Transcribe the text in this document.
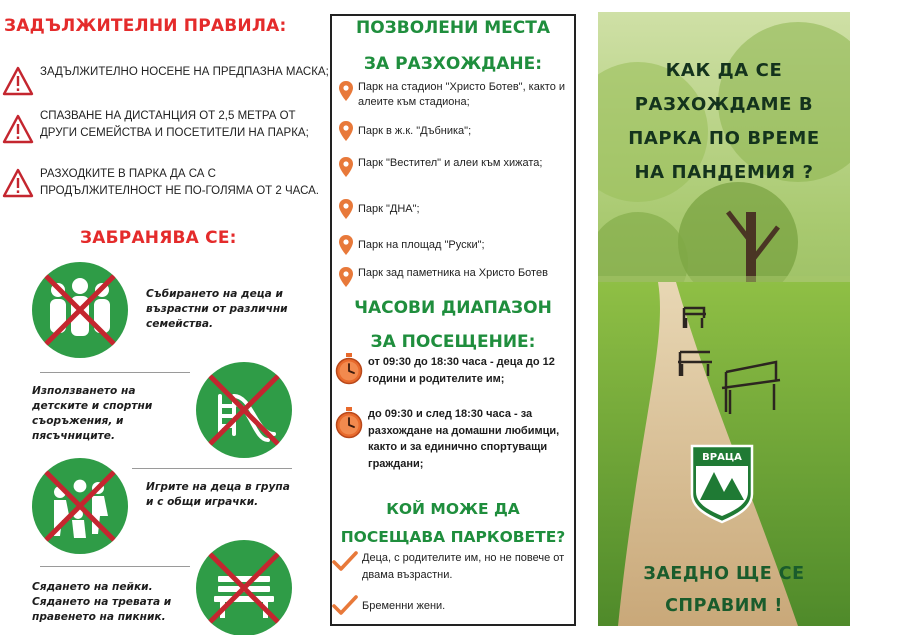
ЗАДЪЛЖИТЕЛНИ ПРАВИЛА:
ЗАДЪЛЖИТЕЛНО НОСЕНЕ НА ПРЕДПАЗНА МАСКА;
СПАЗВАНЕ НА ДИСТАНЦИЯ ОТ 2,5 МЕТРА ОТ ДРУГИ СЕМЕЙСТВА И ПОСЕТИТЕЛИ НА ПАРКА;
РАЗХОДКИТЕ В ПАРКА ДА СА С ПРОДЪЛЖИТЕЛНОСТ НЕ ПО-ГОЛЯМА ОТ 2 ЧАСА.
ЗАБРАНЯВА СЕ:
Събирането на деца и възрастни от различни семейства.
Използването на детските и спортни съоръжения, и пясъчниците.
Игрите на деца в група и с общи играчки.
Сядането на пейки. Сядането на тревата и правенето на пикник.
ПОЗВОЛЕНИ МЕСТА
ЗА РАЗХОЖДАНЕ:
Парк на стадион "Христо Ботев", както и алеите към стадиона;
Парк в ж.к. "Дъбника";
Парк "Вестител" и алеи към хижата;
Парк "ДНА";
Парк на площад "Руски";
Парк зад паметника на Христо Ботев
ЧАСОВИ ДИАПАЗОН
ЗА ПОСЕЩЕНИЕ:
от 09:30 до 18:30 часа - деца до 12 години и родителите им;
до 09:30 и след 18:30 часа - за разхождане на домашни любимци, както и за единично спортуващи граждани;
КОЙ МОЖЕ ДА
ПОСЕЩАВА ПАРКОВЕТЕ?
Деца, с родителите им, но не повече от двама възрастни.
Бременни жени.
КАК ДА СЕ РАЗХОЖДАМЕ В ПАРКА ПО ВРЕМЕ НА ПАНДЕМИЯ ?
ВРАЦА
ЗАЕДНО ЩЕ СЕ СПРАВИМ !
